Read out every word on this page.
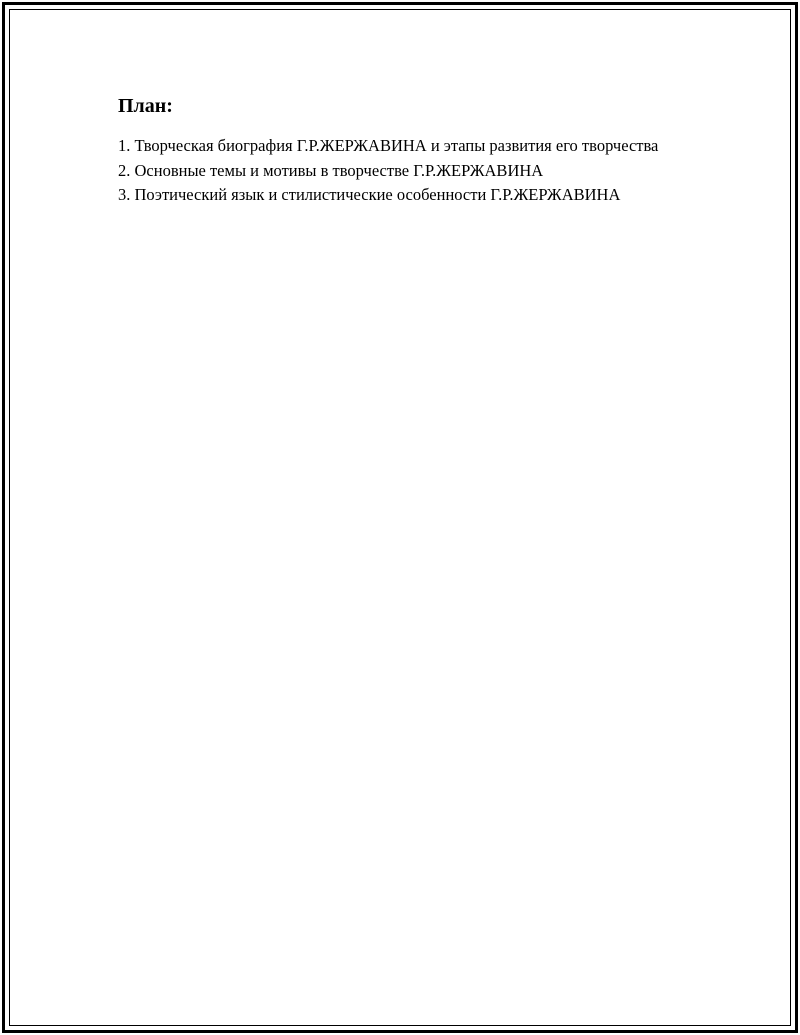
План:
1. Творческая биография Г.Р.ЖЕРЖАВИНА и этапы развития его творчества
2. Основные темы и мотивы в творчестве Г.Р.ЖЕРЖАВИНА
3. Поэтический язык и стилистические особенности Г.Р.ЖЕРЖАВИНА
